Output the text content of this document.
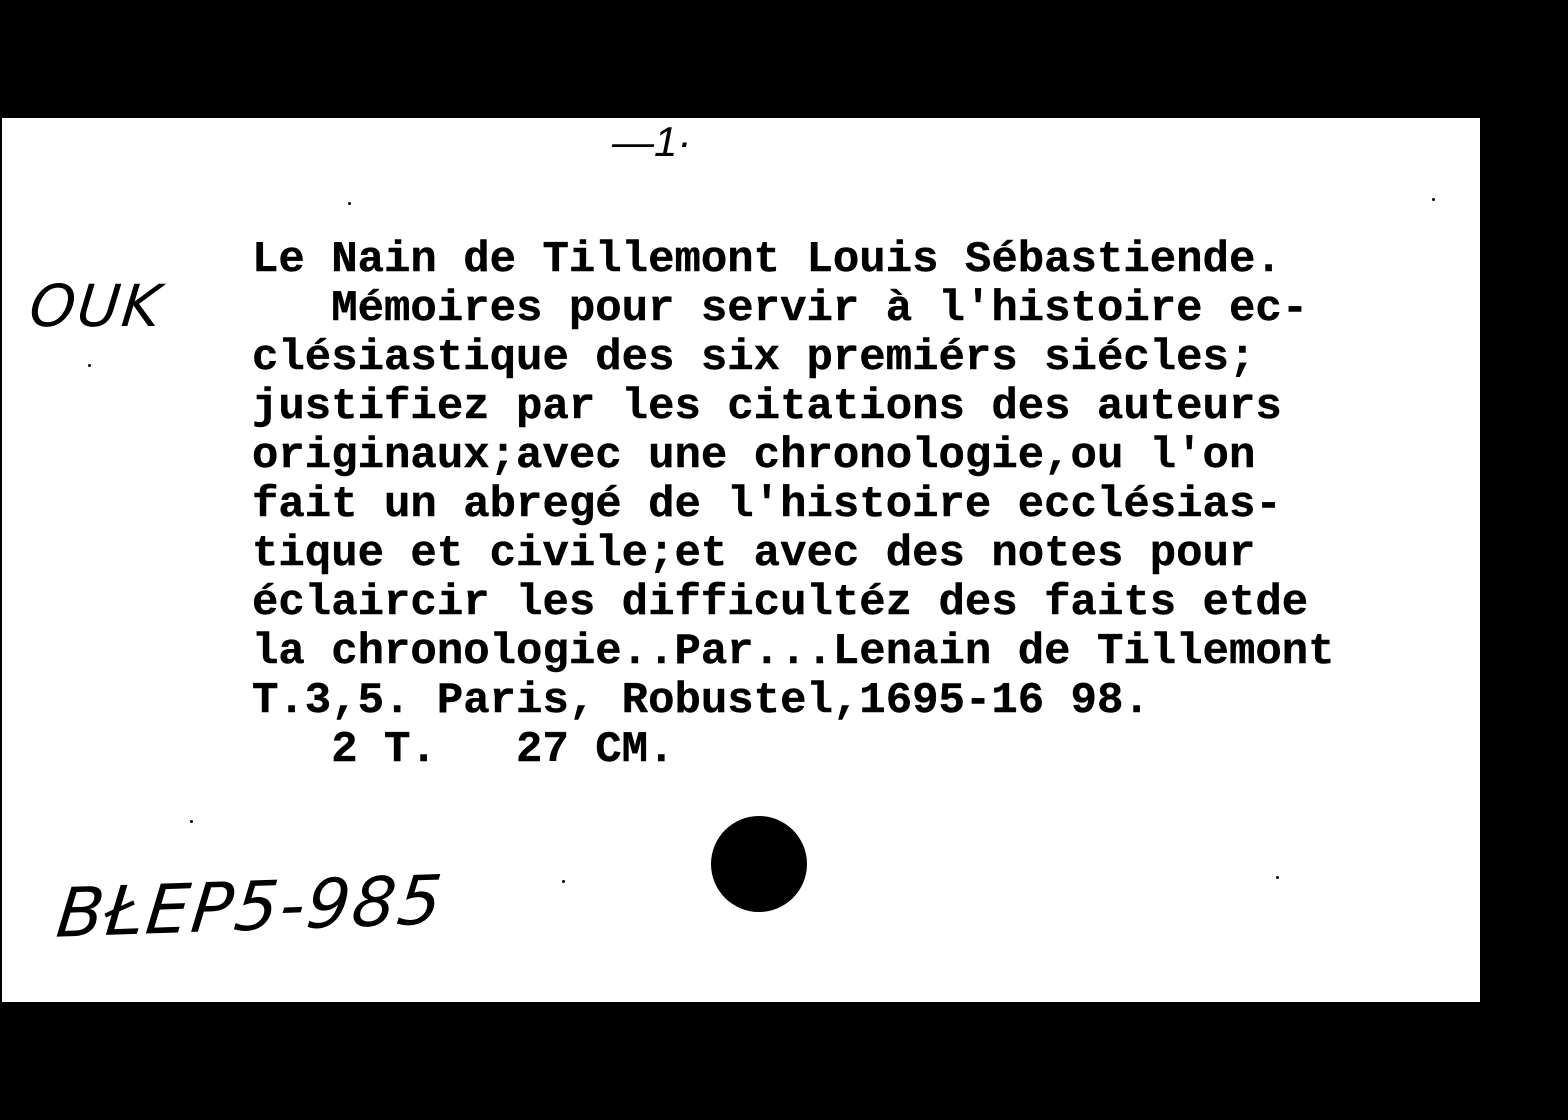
—1·
OUK
Le Nain de Tillemont Louis Sébastiende.
Mémoires pour servir à l'histoire ec-
clésiastique des six premiérs siécles;
justifiez par les citations des auteurs
originaux;avec une chronologie,ou l'on
fait un abregé de l'histoire ecclésias-
tique et civile;et avec des notes pour
éclaircir les difficultéz des faits etde
la chronologie..Par...Lenain de Tillemont
T.3,5. Paris, Robustel,1695-16 98.
2 T.   27 CM.
BŁEP5-985
